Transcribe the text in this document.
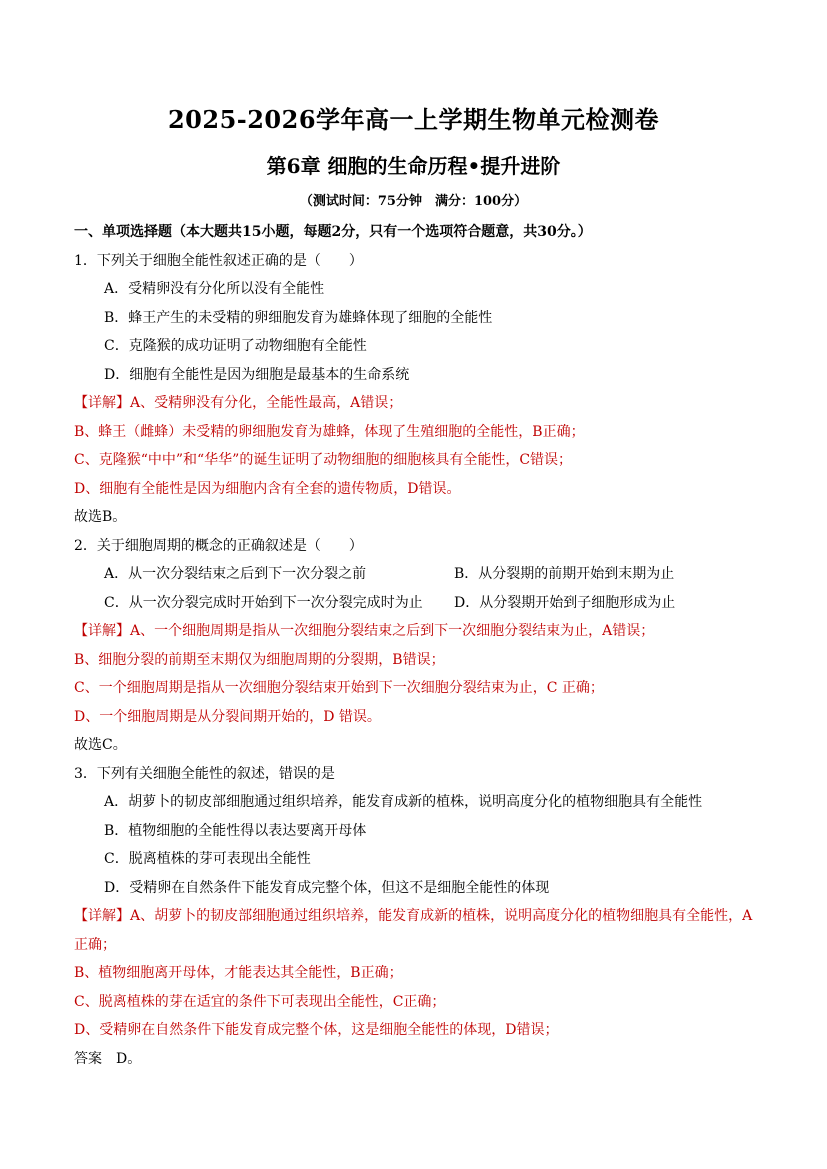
2025-2026学年高一上学期生物单元检测卷
第6章 细胞的生命历程•提升进阶
（测试时间：75分钟　满分：100分）
一、单项选择题（本大题共15小题，每题2分，只有一个选项符合题意，共30分。）
1．下列关于细胞全能性叙述正确的是（　　）
A．受精卵没有分化所以没有全能性
B．蜂王产生的未受精的卵细胞发育为雄蜂体现了细胞的全能性
C．克隆猴的成功证明了动物细胞有全能性
D．细胞有全能性是因为细胞是最基本的生命系统
【详解】A、受精卵没有分化，全能性最高，A错误；
B、蜂王（雌蜂）未受精的卵细胞发育为雄蜂，体现了生殖细胞的全能性，B正确；
C、克隆猴“中中”和“华华”的诞生证明了动物细胞的细胞核具有全能性，C错误；
D、细胞有全能性是因为细胞内含有全套的遗传物质，D错误。
故选B。
2．关于细胞周期的概念的正确叙述是（　　）
A．从一次分裂结束之后到下一次分裂之前	B．从分裂期的前期开始到末期为止
C．从一次分裂完成时开始到下一次分裂完成时为止	D．从分裂期开始到子细胞形成为止
【详解】A、一个细胞周期是指从一次细胞分裂结束之后到下一次细胞分裂结束为止，A错误；
B、细胞分裂的前期至末期仅为细胞周期的分裂期，B错误；
C、一个细胞周期是指从一次细胞分裂结束开始到下一次细胞分裂结束为止，C 正确；
D、一个细胞周期是从分裂间期开始的，D 错误。
故选C。
3．下列有关细胞全能性的叙述，错误的是
A．胡萝卜的韧皮部细胞通过组织培养，能发育成新的植株，说明高度分化的植物细胞具有全能性
B．植物细胞的全能性得以表达要离开母体
C．脱离植株的芽可表现出全能性
D．受精卵在自然条件下能发育成完整个体，但这不是细胞全能性的体现
【详解】A、胡萝卜的韧皮部细胞通过组织培养，能发育成新的植株，说明高度分化的植物细胞具有全能性，A正确；
B、植物细胞离开母体，才能表达其全能性，B正确；
C、脱离植株的芽在适宜的条件下可表现出全能性，C正确；
D、受精卵在自然条件下能发育成完整个体，这是细胞全能性的体现，D错误；
答案　D。
